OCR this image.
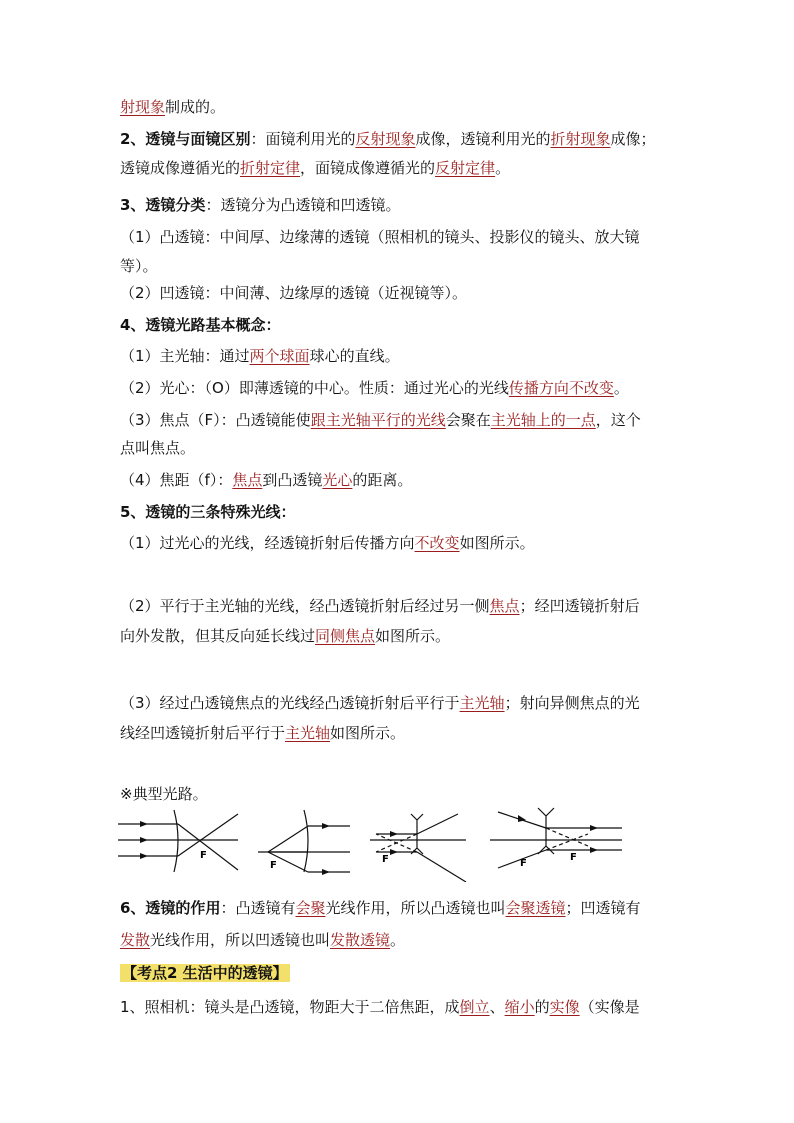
射现象制成的。
2、透镜与面镜区别：面镜利用光的反射现象成像，透镜利用光的折射现象成像；
透镜成像遵循光的折射定律，面镜成像遵循光的反射定律。
3、透镜分类：透镜分为凸透镜和凹透镜。
（1）凸透镜：中间厚、边缘薄的透镜（照相机的镜头、投影仪的镜头、放大镜
等）。
（2）凹透镜：中间薄、边缘厚的透镜（近视镜等）。
4、透镜光路基本概念：
（1）主光轴：通过两个球面球心的直线。
（2）光心：（O）即薄透镜的中心。性质：通过光心的光线传播方向不改变。
（3）焦点（F）：凸透镜能使跟主光轴平行的光线会聚在主光轴上的一点，这个
点叫焦点。
（4）焦距（f）：焦点到凸透镜光心的距离。
5、透镜的三条特殊光线：
（1）过光心的光线，经透镜折射后传播方向不改变如图所示。
（2）平行于主光轴的光线，经凸透镜折射后经过另一侧焦点；经凹透镜折射后
向外发散，但其反向延长线过同侧焦点如图所示。
（3）经过凸透镜焦点的光线经凸透镜折射后平行于主光轴；射向异侧焦点的光
线经凹透镜折射后平行于主光轴如图所示。
※典型光路。
F
F
F	F
F
6、透镜的作用：凸透镜有会聚光线作用，所以凸透镜也叫会聚透镜；凹透镜有
发散光线作用，所以凹透镜也叫发散透镜。
【考点2 生活中的透镜】
1、照相机：镜头是凸透镜，物距大于二倍焦距，成倒立、缩小的实像（实像是
